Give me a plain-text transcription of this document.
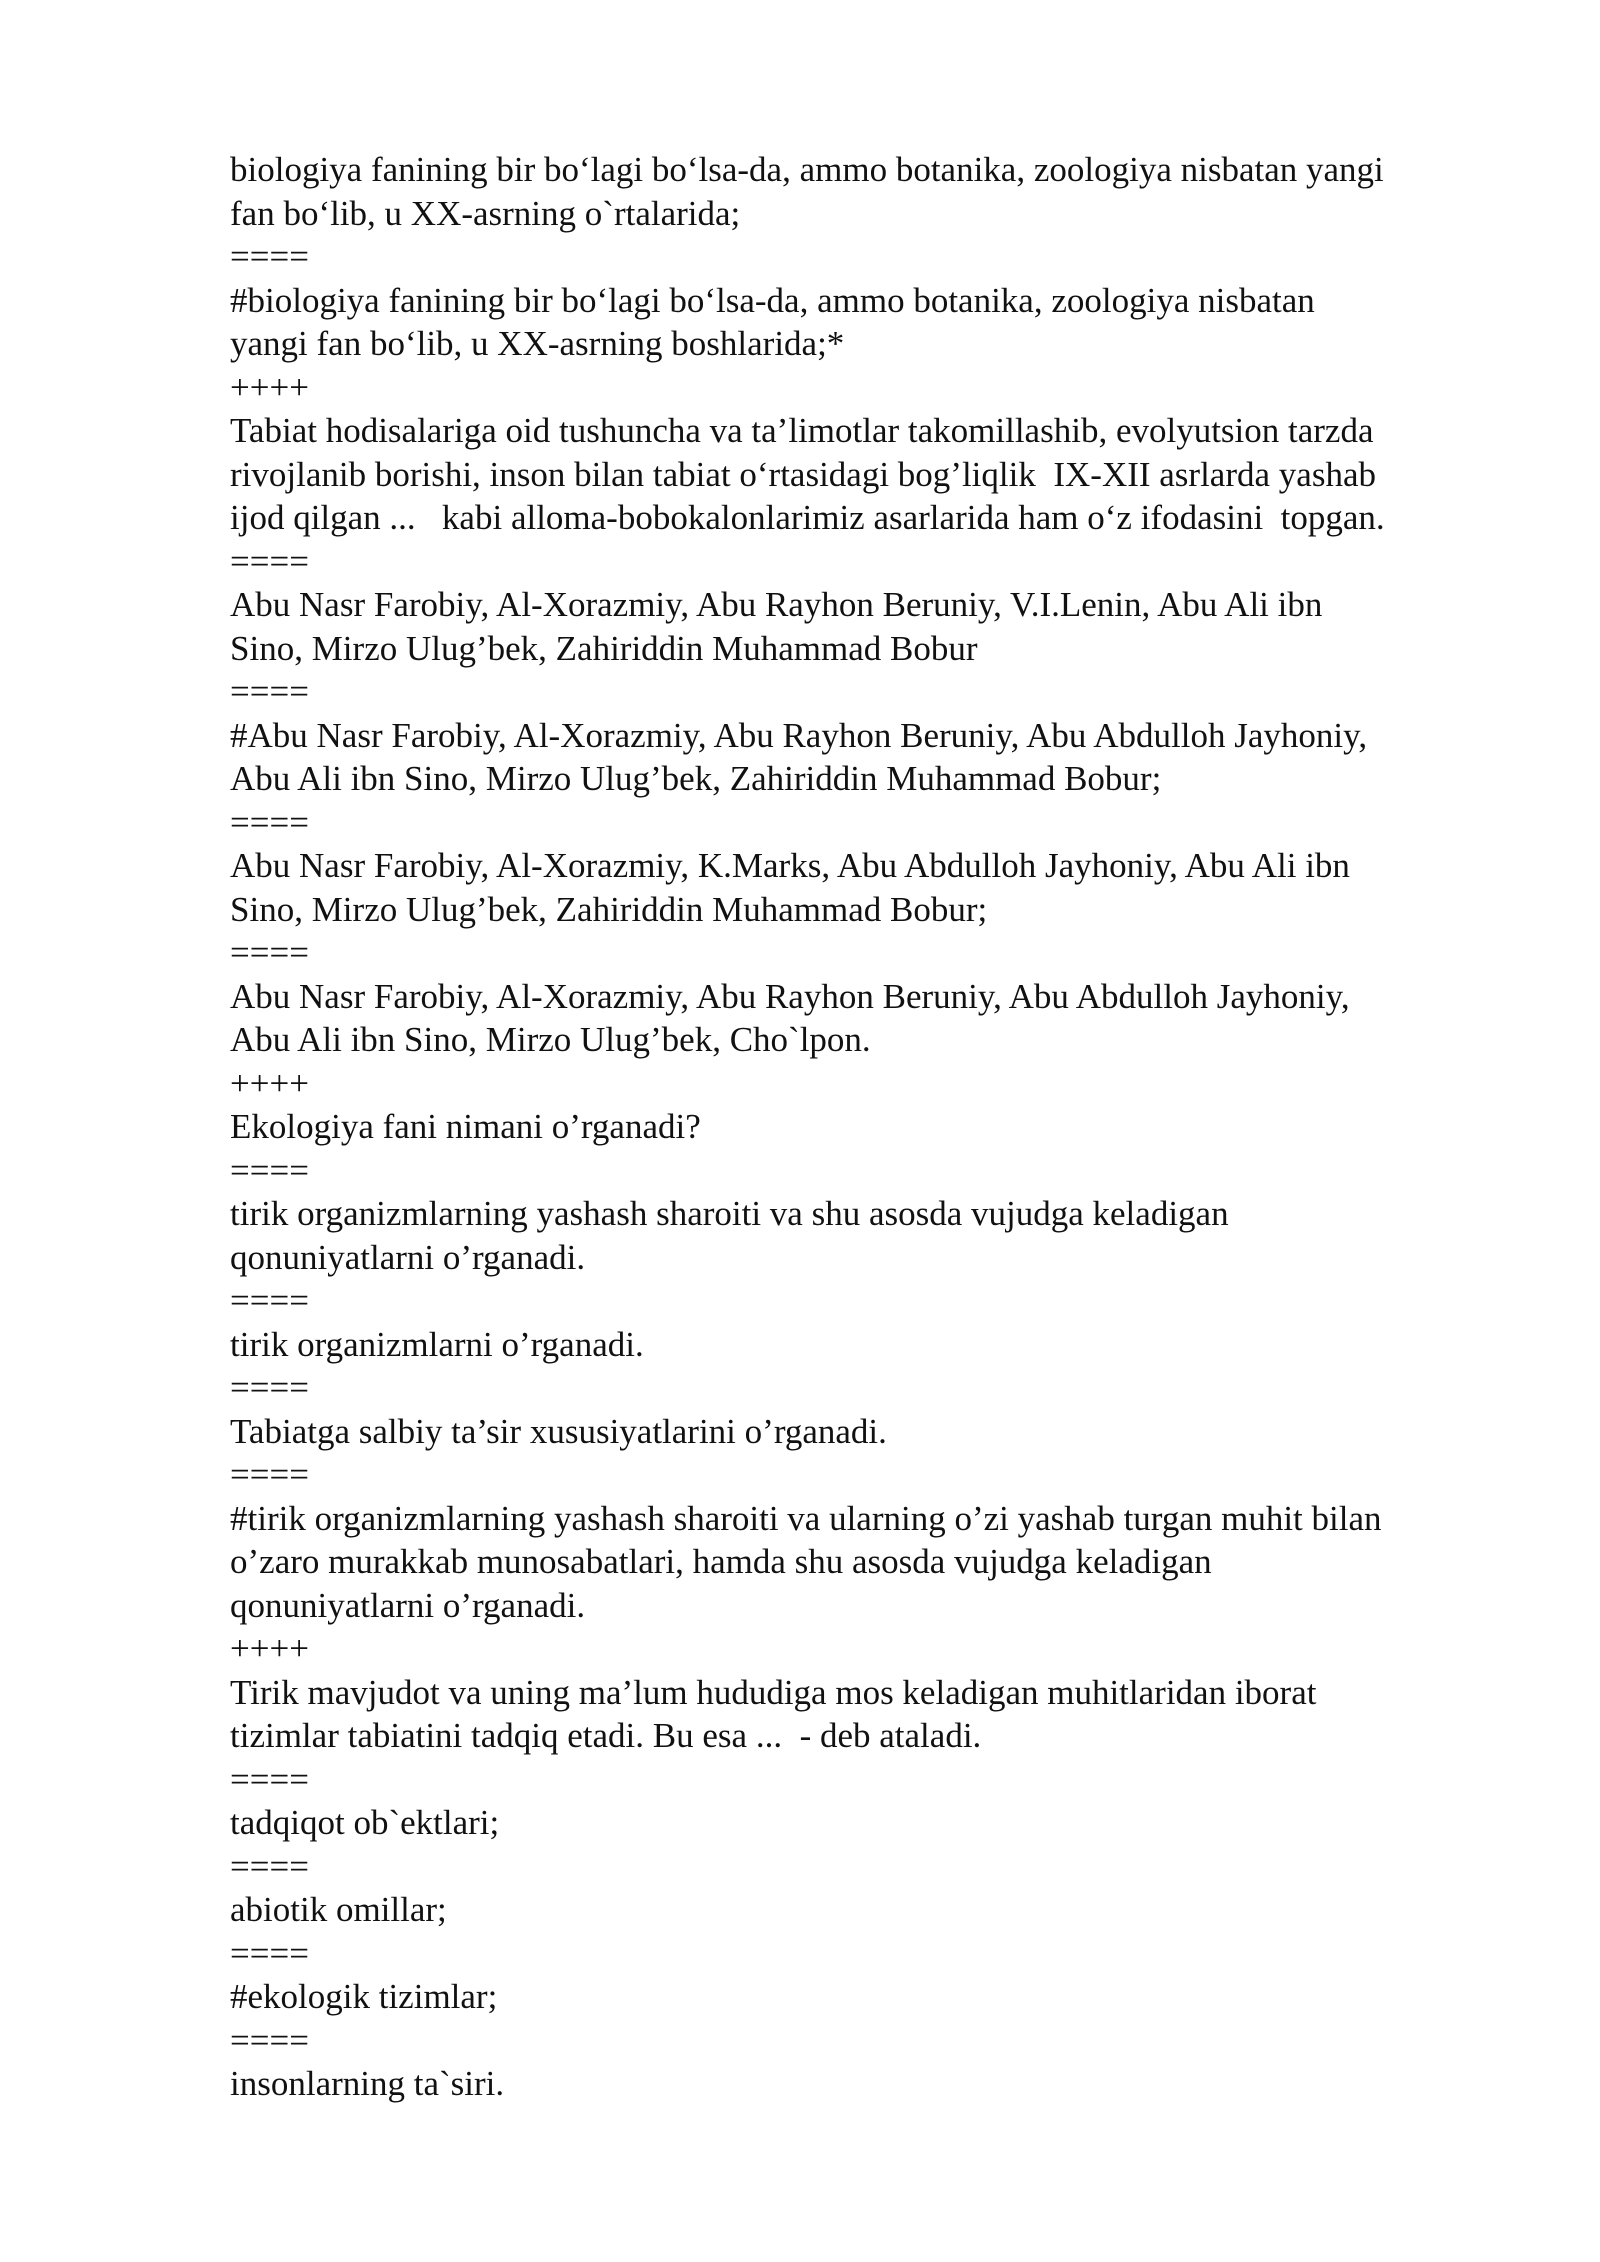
biologiya fanining bir bo‘lagi bo‘lsa-da, ammo botanika, zoologiya nisbatan yangi
fan bo‘lib, u XX-asrning o`rtalarida;
====
#biologiya fanining bir bo‘lagi bo‘lsa-da, ammo botanika, zoologiya nisbatan
yangi fan bo‘lib, u XX-asrning boshlarida;*
++++
Tabiat hodisalariga oid tushuncha va ta’limotlar takomillashib, evolyutsion tarzda
rivojlanib borishi, inson bilan tabiat o‘rtasidagi bog’liqlik  IX-XII asrlarda yashab
ijod qilgan ...   kabi alloma-bobokalonlarimiz asarlarida ham o‘z ifodasini  topgan.
====
Abu Nasr Farobiy, Al-Xorazmiy, Abu Rayhon Beruniy, V.I.Lenin, Abu Ali ibn
Sino, Mirzo Ulug’bek, Zahiriddin Muhammad Bobur
====
#Abu Nasr Farobiy, Al-Xorazmiy, Abu Rayhon Beruniy, Abu Abdulloh Jayhoniy,
Abu Ali ibn Sino, Mirzo Ulug’bek, Zahiriddin Muhammad Bobur;
====
Abu Nasr Farobiy, Al-Xorazmiy, K.Marks, Abu Abdulloh Jayhoniy, Abu Ali ibn
Sino, Mirzo Ulug’bek, Zahiriddin Muhammad Bobur;
====
Abu Nasr Farobiy, Al-Xorazmiy, Abu Rayhon Beruniy, Abu Abdulloh Jayhoniy,
Abu Ali ibn Sino, Mirzo Ulug’bek, Cho`lpon.
++++
Ekologiya fani nimani o’rganadi?
====
tirik organizmlarning yashash sharoiti va shu asosda vujudga keladigan
qonuniyatlarni o’rganadi.
====
tirik organizmlarni o’rganadi.
====
Tabiatga salbiy ta’sir xususiyatlarini o’rganadi.
====
#tirik organizmlarning yashash sharoiti va ularning o’zi yashab turgan muhit bilan
o’zaro murakkab munosabatlari, hamda shu asosda vujudga keladigan
qonuniyatlarni o’rganadi.
++++
Tirik mavjudot va uning ma’lum hududiga mos keladigan muhitlaridan iborat
tizimlar tabiatini tadqiq etadi. Bu esa ...  - deb ataladi.
====
tadqiqot ob`ektlari;
====
abiotik omillar;
====
#ekologik tizimlar;
====
insonlarning ta`siri.
